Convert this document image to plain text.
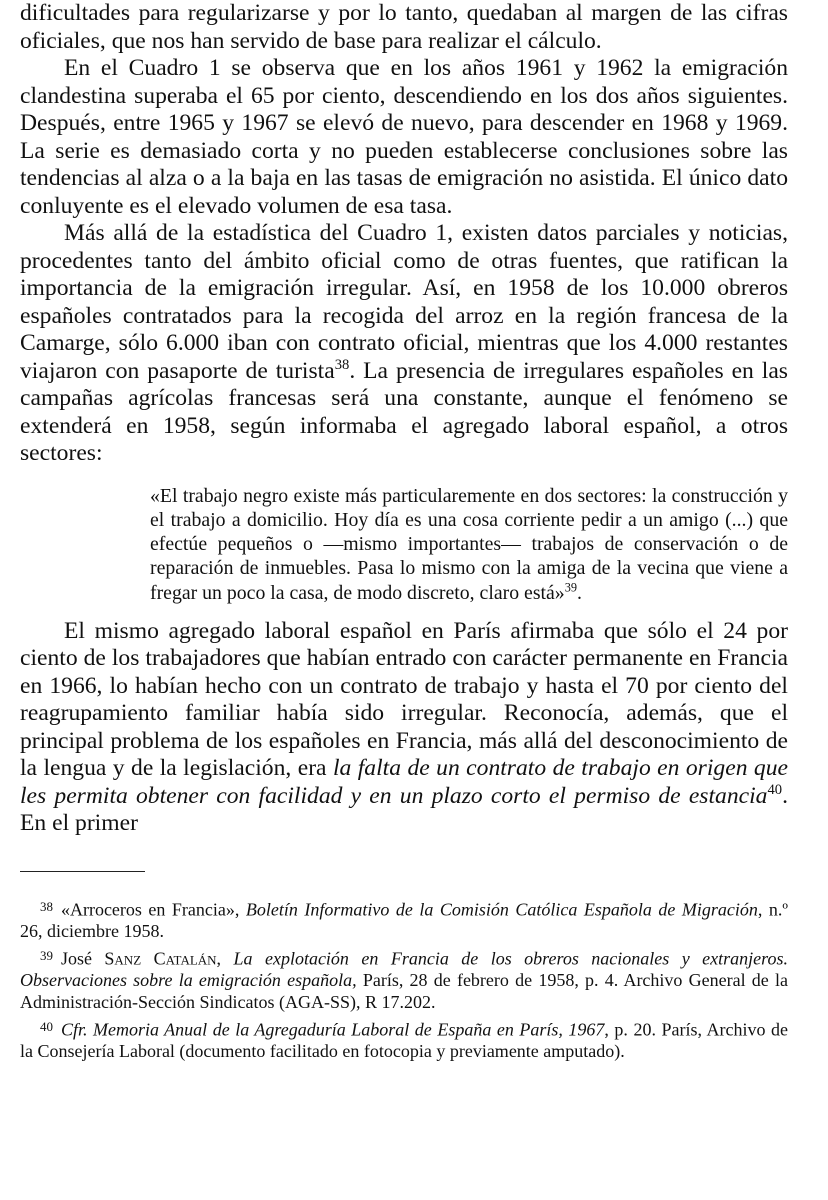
dificultades para regularizarse y por lo tanto, quedaban al margen de las cifras oficiales, que nos han servido de base para realizar el cálculo.

En el Cuadro 1 se observa que en los años 1961 y 1962 la emigración clandestina superaba el 65 por ciento, descendiendo en los dos años siguientes. Después, entre 1965 y 1967 se elevó de nuevo, para descender en 1968 y 1969. La serie es demasiado corta y no pueden establecerse conclusiones sobre las tendencias al alza o a la baja en las tasas de emigración no asistida. El único dato conluyente es el elevado volumen de esa tasa.

Más allá de la estadística del Cuadro 1, existen datos parciales y noticias, procedentes tanto del ámbito oficial como de otras fuentes, que ratifican la importancia de la emigración irregular. Así, en 1958 de los 10.000 obreros españoles contratados para la recogida del arroz en la región francesa de la Camarge, sólo 6.000 iban con contrato oficial, mientras que los 4.000 restantes viajaron con pasaporte de turista$^{38}$. La presencia de irregulares españoles en las campañas agrícolas francesas será una constante, aunque el fenómeno se extenderá en 1958, según informaba el agregado laboral español, a otros sectores:

«El trabajo negro existe más particularemente en dos sectores: la construcción y el trabajo a domicilio. Hoy día es una cosa corriente pedir a un amigo (...) que efectúe pequeños o —mismo importantes— trabajos de conservación o de reparación de inmuebles. Pasa lo mismo con la amiga de la vecina que viene a fregar un poco la casa, de modo discreto, claro está»$^{39}$.

El mismo agregado laboral español en París afirmaba que sólo el 24 por ciento de los trabajadores que habían entrado con carácter permanente en Francia en 1966, lo habían hecho con un contrato de trabajo y hasta el 70 por ciento del reagrupamiento familiar había sido irregular. Reconocía, además, que el principal problema de los españoles en Francia, más allá del desconocimiento de la lengua y de la legislación, era la falta de un contrato de trabajo en origen que les permita obtener con facilidad y en un plazo corto el permiso de estancia$^{40}$. En el primer

$^{38}$ «Arroceros en Francia», Boletín Informativo de la Comisión Católica Española de Migración, n.º 26, diciembre 1958.

$^{39}$ José Sanz Catalán, La explotación en Francia de los obreros nacionales y extranjeros. Observaciones sobre la emigración española, París, 28 de febrero de 1958, p. 4. Archivo General de la Administración-Sección Sindicatos (AGA-SS), R 17.202.

$^{40}$ Cfr. Memoria Anual de la Agregaduría Laboral de España en París, 1967, p. 20. París, Archivo de la Consejería Laboral (documento facilitado en fotocopia y previamente amputado).
